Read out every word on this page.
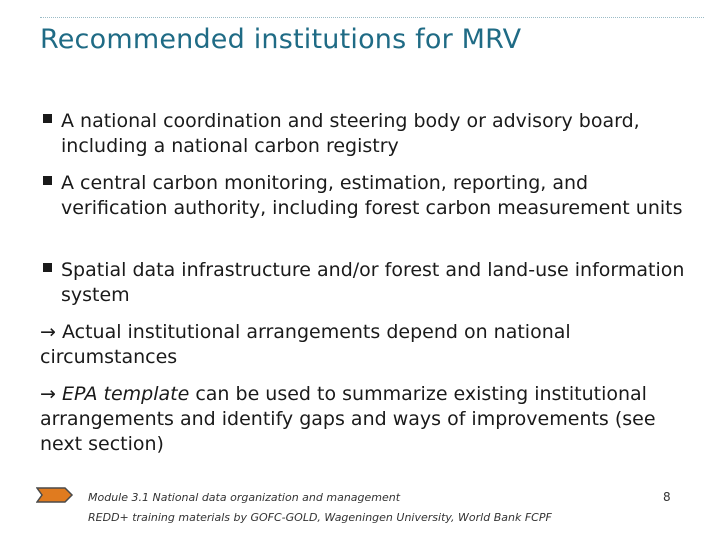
Recommended institutions for MRV
A national coordination and steering body or advisory board, including a national carbon registry
A central carbon monitoring, estimation, reporting, and verification authority, including forest carbon measurement units
Spatial data infrastructure and/or forest and land-use information system
→ Actual institutional arrangements depend on national circumstances
→ EPA template can be used to summarize existing institutional arrangements and identify gaps and ways of improvements (see next section)
Module 3.1 National data organization and management
REDD+ training materials by GOFC-GOLD, Wageningen University, World Bank FCPF
8
